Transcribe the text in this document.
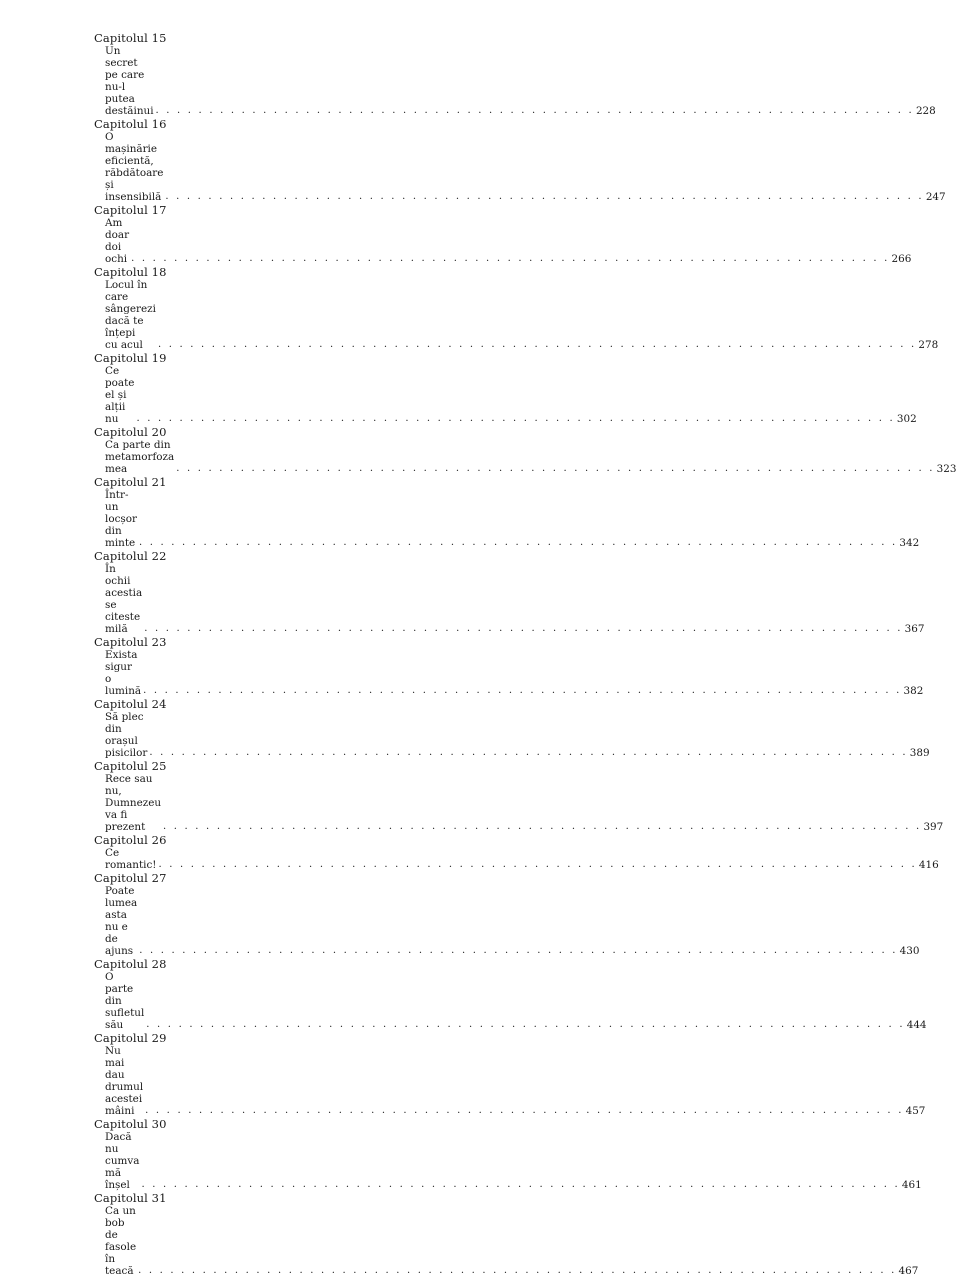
Capitolul 15
Un secret pe care nu-l putea destăinui . . .	228
Capitolul 16
O mașinărie eficientă, răbdătoare
și insensibilă . . .	247
Capitolul 17
Am doar doi ochi . . .	266
Capitolul 18
Locul în care sângerezi dacă te înțepi
cu acul . . .	278
Capitolul 19
Ce poate el și alții nu . . .	302
Capitolul 20
Ca parte din metamorfoza mea . . .	323
Capitolul 21
Într-un locșor din minte . . .	342
Capitolul 22
În ochii acestia se citeste milă . . .	367
Capitolul 23
Exista sigur o lumină . . .	382
Capitolul 24
Să plec din orașul pisicilor . . .	389
Capitolul 25
Rece sau nu, Dumnezeu va fi prezent . . .	397
Capitolul 26
Ce romantic! . . .	416
Capitolul 27
Poate lumea asta nu e de ajuns . . .	430
Capitolul 28
O parte din sufletul său . . .	444
Capitolul 29
Nu mai dau drumul acestei mâini . . .	457
Capitolul 30
Dacă nu cumva mă înșel . . .	461
Capitolul 31
Ca un bob de fasole în teacă . . .	467
